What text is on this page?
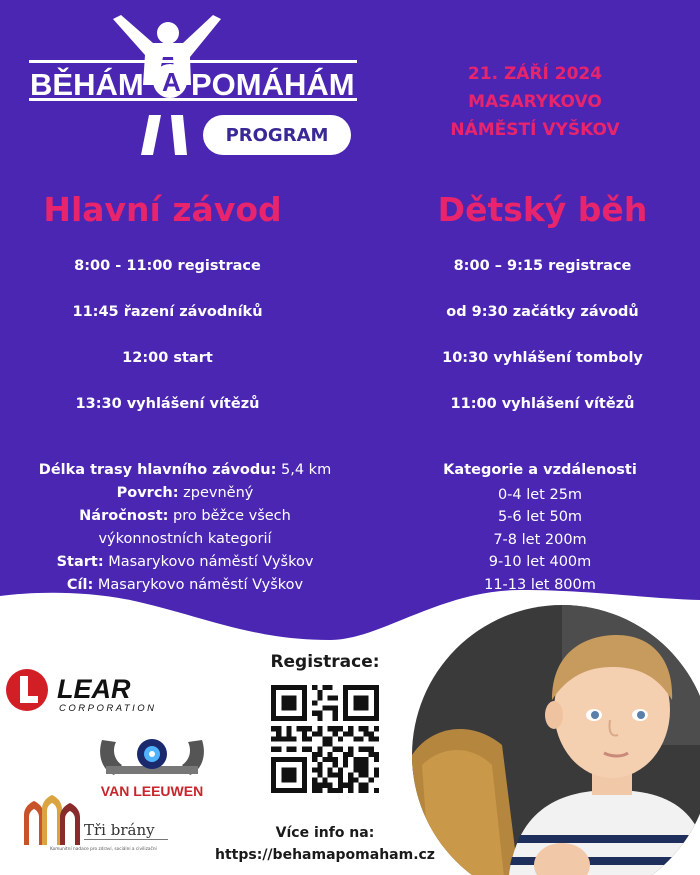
BĚHÁM A POMÁHÁM
PROGRAM
21. ZÁŘÍ 2024
MASARYKOVO
NÁMĚSTÍ VYŠKOV
Hlavní závod
8:00 - 11:00 registrace
11:45 řazení závodníků
12:00 start
13:30 vyhlášení vítězů
Délka trasy hlavního závodu: 5,4 km
Povrch: zpevněný
Náročnost: pro běžce všech
výkonnostních kategorií
Start: Masarykovo náměstí Vyškov
Cíl: Masarykovo náměstí Vyškov
Dětský běh
8:00 – 9:15 registrace
od 9:30 začátky závodů
10:30 vyhlášení tomboly
11:00 vyhlášení vítězů
Kategorie a vzdálenosti
0-4 let 25m
5-6 let 50m
7-8 let 200m
9-10 let 400m
11-13 let 800m
LEAR
CORPORATION
VAN LEEUWEN
Tři brány
Komunitní nadace pro zdraví, sociální a civilizační
Registrace:
Více info na:
https://behamapomaham.cz
